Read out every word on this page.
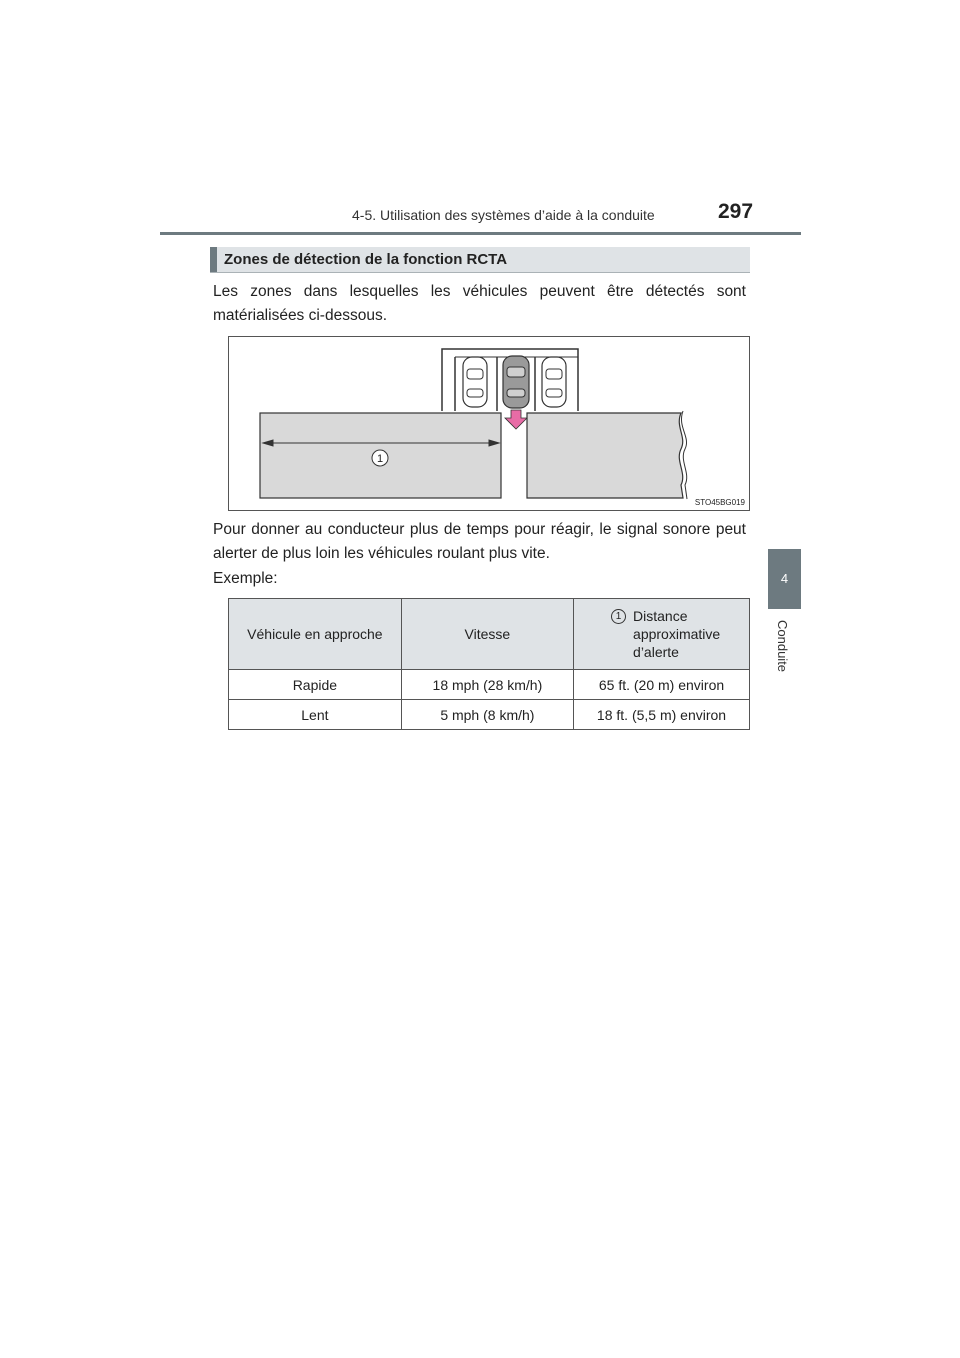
4-5. Utilisation des systèmes d’aide à la conduite	297
4
Conduite
Zones de détection de la fonction RCTA
Les zones dans lesquelles les véhicules peuvent être détectés sont matérialisées ci-dessous.
1
STO45BG019
Pour donner au conducteur plus de temps pour réagir, le signal sonore peut alerter de plus loin les véhicules roulant plus vite.
Exemple:
Véhicule en approche	Vitesse	1 Distance approximative d’alerte

Rapide	18 mph (28 km/h)	65 ft. (20 m) environ
Lent	5 mph (8 km/h)	18 ft. (5,5 m) environ
